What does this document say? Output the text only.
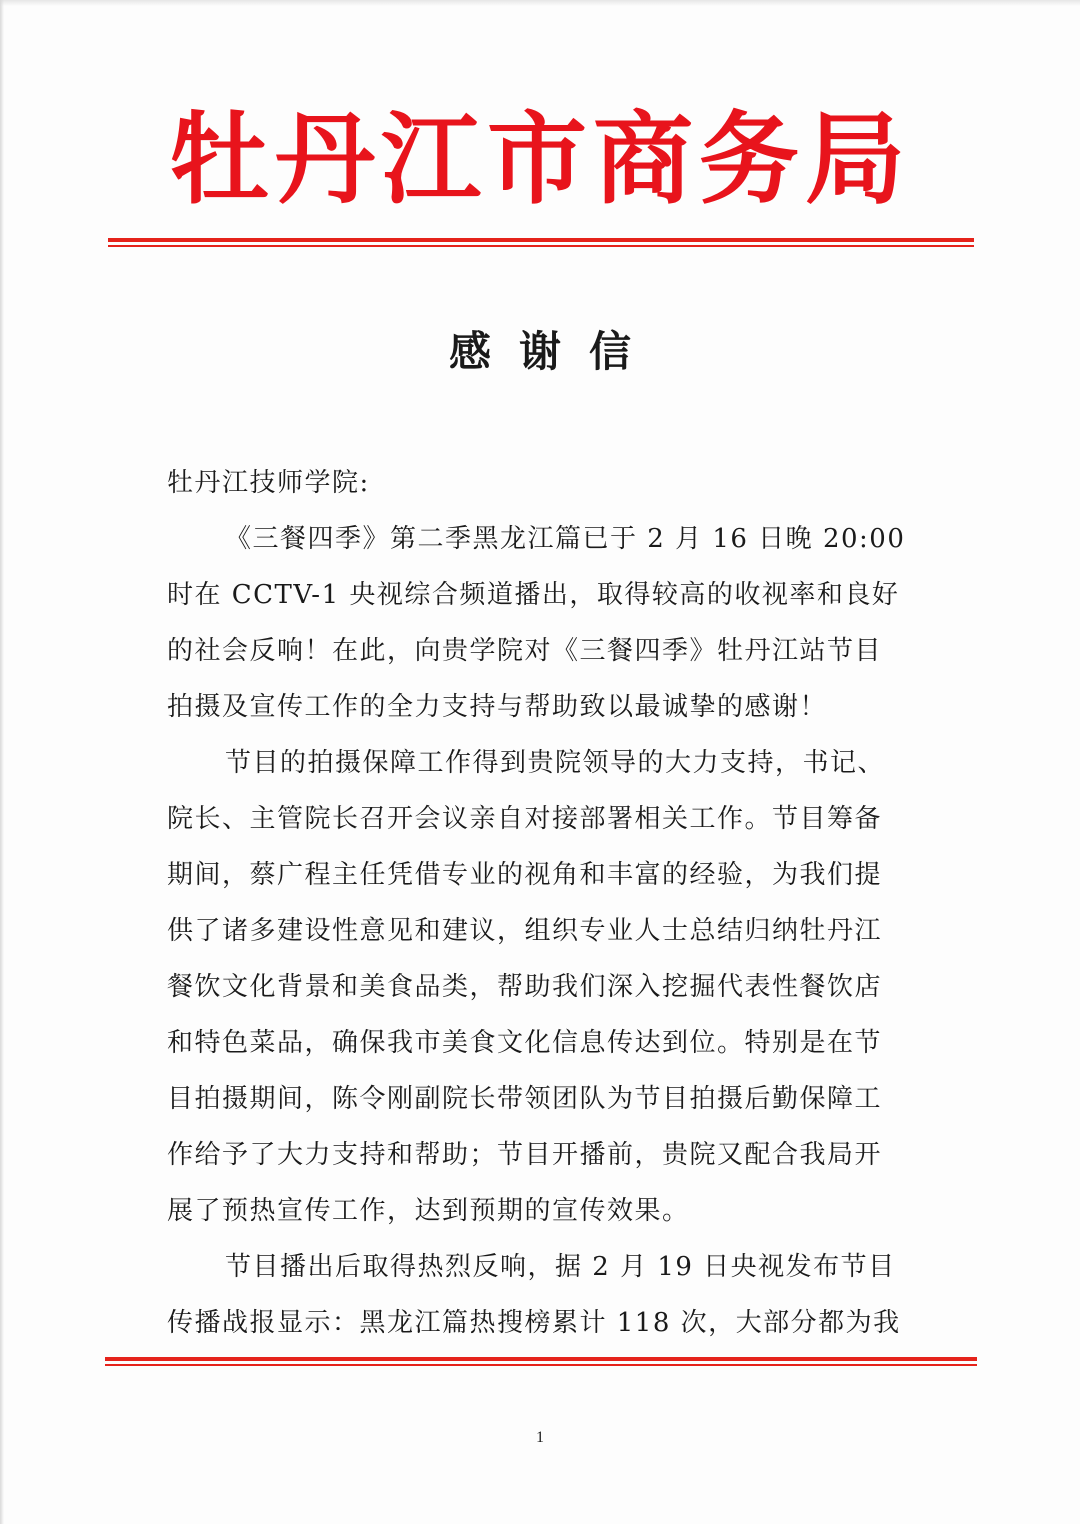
牡丹江市商务局
感谢信
牡丹江技师学院:
《三餐四季》第二季黑龙江篇已于 2 月 16 日晚 20:00
时在 CCTV-1 央视综合频道播出，取得较高的收视率和良好
的社会反响！在此，向贵学院对《三餐四季》牡丹江站节目
拍摄及宣传工作的全力支持与帮助致以最诚挚的感谢！
节目的拍摄保障工作得到贵院领导的大力支持，书记、
院长、主管院长召开会议亲自对接部署相关工作。节目筹备
期间，蔡广程主任凭借专业的视角和丰富的经验，为我们提
供了诸多建设性意见和建议，组织专业人士总结归纳牡丹江
餐饮文化背景和美食品类，帮助我们深入挖掘代表性餐饮店
和特色菜品，确保我市美食文化信息传达到位。特别是在节
目拍摄期间，陈令刚副院长带领团队为节目拍摄后勤保障工
作给予了大力支持和帮助；节目开播前，贵院又配合我局开
展了预热宣传工作，达到预期的宣传效果。
节目播出后取得热烈反响，据 2 月 19 日央视发布节目
传播战报显示：黑龙江篇热搜榜累计 118 次，大部分都为我
1
